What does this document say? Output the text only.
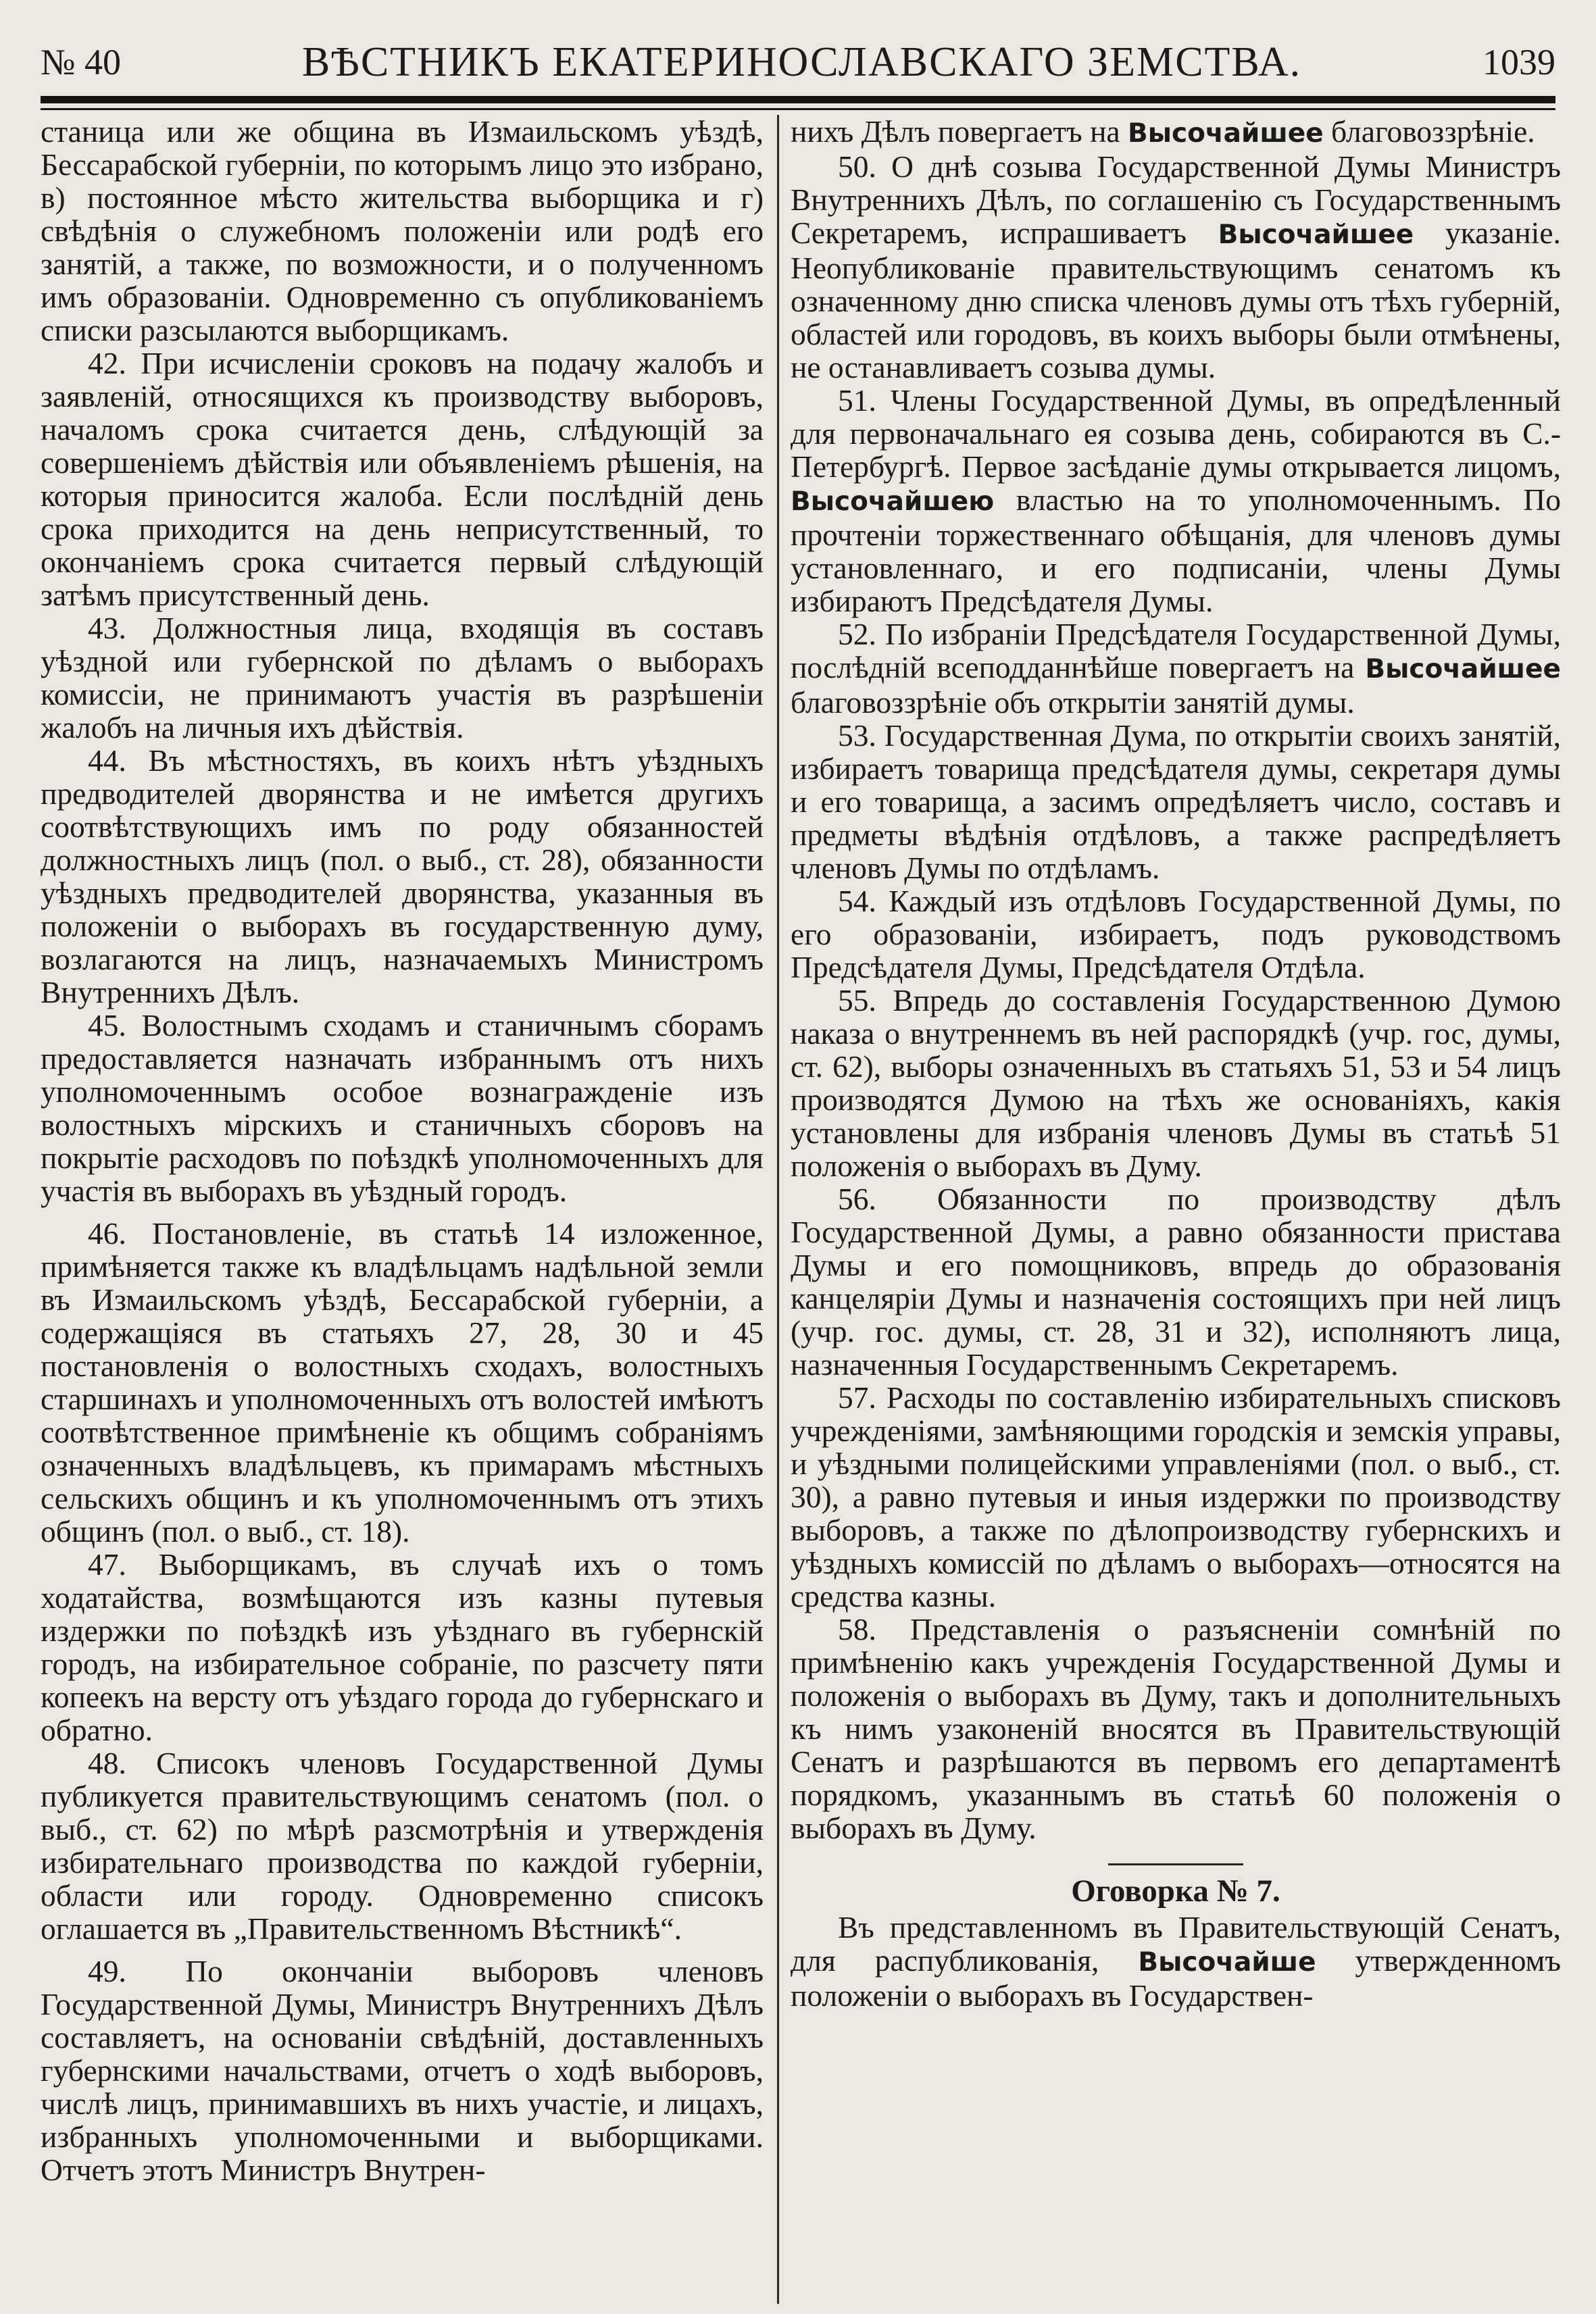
№ 40	ВѢСТНИКЪ ЕКАТЕРИНОСЛАВСКАГО ЗЕМСТВА.	1039

станица или же община въ Измаильскомъ уѣздѣ, Бессарабской губерніи, по которымъ лицо это избрано, в) постоянное мѣсто жительства выборщика и г) свѣдѣнія о служебномъ положеніи или родѣ его занятій, а также, по возможности, и о полученномъ имъ образованіи. Одновременно съ опубликованіемъ списки разсылаются выборщикамъ.

42. При исчисленіи сроковъ на подачу жалобъ и заявленій, относящихся къ производству выборовъ, началомъ срока считается день, слѣдующій за совершеніемъ дѣйствія или объявленіемъ рѣшенія, на которыя приносится жалоба. Если послѣдній день срока приходится на день неприсутственный, то окончаніемъ срока считается первый слѣдующій затѣмъ присутственный день.

43. Должностныя лица, входящія въ составъ уѣздной или губернской по дѣламъ о выборахъ комиссіи, не принимаютъ участія въ разрѣшеніи жалобъ на личныя ихъ дѣйствія.

44. Въ мѣстностяхъ, въ коихъ нѣтъ уѣздныхъ предводителей дворянства и не имѣется другихъ соотвѣтствующихъ имъ по роду обязанностей должностныхъ лицъ (пол. о выб., ст. 28), обязанности уѣздныхъ предводителей дворянства, указанныя въ положеніи о выборахъ въ государственную думу, возлагаются на лицъ, назначаемыхъ Министромъ Внутреннихъ Дѣлъ.

45. Волостнымъ сходамъ и станичнымъ сборамъ предоставляется назначать избраннымъ отъ нихъ уполномоченнымъ особое вознагражденіе изъ волостныхъ мірскихъ и станичныхъ сборовъ на покрытіе расходовъ по поѣздкѣ уполномоченныхъ для участія въ выборахъ въ уѣздный городъ.

46. Постановленіе, въ статьѣ 14 изложенное, примѣняется также къ владѣльцамъ надѣльной земли въ Измаильскомъ уѣздѣ, Бессарабской губерніи, а содержащіяся въ статьяхъ 27, 28, 30 и 45 постановленія о волостныхъ сходахъ, волостныхъ старшинахъ и уполномоченныхъ отъ волостей имѣютъ соотвѣтственное примѣненіе къ общимъ собраніямъ означенныхъ владѣльцевъ, къ примарамъ мѣстныхъ сельскихъ общинъ и къ уполномоченнымъ отъ этихъ общинъ (пол. о выб., ст. 18).

47. Выборщикамъ, въ случаѣ ихъ о томъ ходатайства, возмѣщаются изъ казны путевыя издержки по поѣздкѣ изъ уѣзднаго въ губернскій городъ, на избирательное собраніе, по разсчету пяти копеекъ на версту отъ уѣздаго города до губернскаго и обратно.

48. Списокъ членовъ Государственной Думы публикуется правительствующимъ сенатомъ (пол. о выб., ст. 62) по мѣрѣ разсмотрѣнія и утвержденія избирательнаго производства по каждой губерніи, области или городу. Одновременно списокъ оглашается въ „Правительственномъ Вѣстникѣ“.

49. По окончаніи выборовъ членовъ Государственной Думы, Министръ Внутреннихъ Дѣлъ составляетъ, на основаніи свѣдѣній, доставленныхъ губернскими начальствами, отчетъ о ходѣ выборовъ, числѣ лицъ, принимавшихъ въ нихъ участіе, и лицахъ, избранныхъ уполномоченными и выборщиками. Отчетъ этотъ Министръ Внутрен-

нихъ Дѣлъ повергаетъ на Высочайшее благовоззрѣніе.

50. О днѣ созыва Государственной Думы Министръ Внутреннихъ Дѣлъ, по соглашенію съ Государственнымъ Секретаремъ, испрашиваетъ Высочайшее указаніе. Неопубликованіе правительствующимъ сенатомъ къ означенному дню списка членовъ думы отъ тѣхъ губерній, областей или городовъ, въ коихъ выборы были отмѣнены, не останавливаетъ созыва думы.

51. Члены Государственной Думы, въ опредѣленный для первоначальнаго ея созыва день, собираются въ С.-Петербургѣ. Первое засѣданіе думы открывается лицомъ, Высочайшею властью на то уполномоченнымъ. По прочтеніи торжественнаго обѣщанія, для членовъ думы установленнаго, и его подписаніи, члены Думы избираютъ Предсѣдателя Думы.

52. По избраніи Предсѣдателя Государственной Думы, послѣдній всеподданнѣйше повергаетъ на Высочайшее благовоззрѣніе объ открытіи занятій думы.

53. Государственная Дума, по открытіи своихъ занятій, избираетъ товарища предсѣдателя думы, секретаря думы и его товарища, а засимъ опредѣляетъ число, составъ и предметы вѣдѣнія отдѣловъ, а также распредѣляетъ членовъ Думы по отдѣламъ.

54. Каждый изъ отдѣловъ Государственной Думы, по его образованіи, избираетъ, подъ руководствомъ Предсѣдателя Думы, Предсѣдателя Отдѣла.

55. Впредь до составленія Государственною Думою наказа о внутреннемъ въ ней распорядкѣ (учр. гос, думы, ст. 62), выборы означенныхъ въ статьяхъ 51, 53 и 54 лицъ производятся Думою на тѣхъ же основаніяхъ, какія установлены для избранія членовъ Думы въ статьѣ 51 положенія о выборахъ въ Думу.

56. Обязанности по производству дѣлъ Государственной Думы, а равно обязанности пристава Думы и его помощниковъ, впредь до образованія канцеляріи Думы и назначенія состоящихъ при ней лицъ (учр. гос. думы, ст. 28, 31 и 32), исполняютъ лица, назначенныя Государственнымъ Секретаремъ.

57. Расходы по составленію избирательныхъ списковъ учрежденіями, замѣняющими городскія и земскія управы, и уѣздными полицейскими управленіями (пол. о выб., ст. 30), а равно путевыя и иныя издержки по производству выборовъ, а также по дѣлопроизводству губернскихъ и уѣздныхъ комиссій по дѣламъ о выборахъ—относятся на средства казны.

58. Представленія о разъясненіи сомнѣній по примѣненію какъ учрежденія Государственной Думы и положенія о выборахъ въ Думу, такъ и дополнительныхъ къ нимъ узаконеній вносятся въ Правительствующій Сенатъ и разрѣшаются въ первомъ его департаментѣ порядкомъ, указаннымъ въ статьѣ 60 положенія о выборахъ въ Думу.

Оговорка № 7.

Въ представленномъ въ Правительствующій Сенатъ, для распубликованія, Высочайше утвержденномъ положеніи о выборахъ въ Государствен-
